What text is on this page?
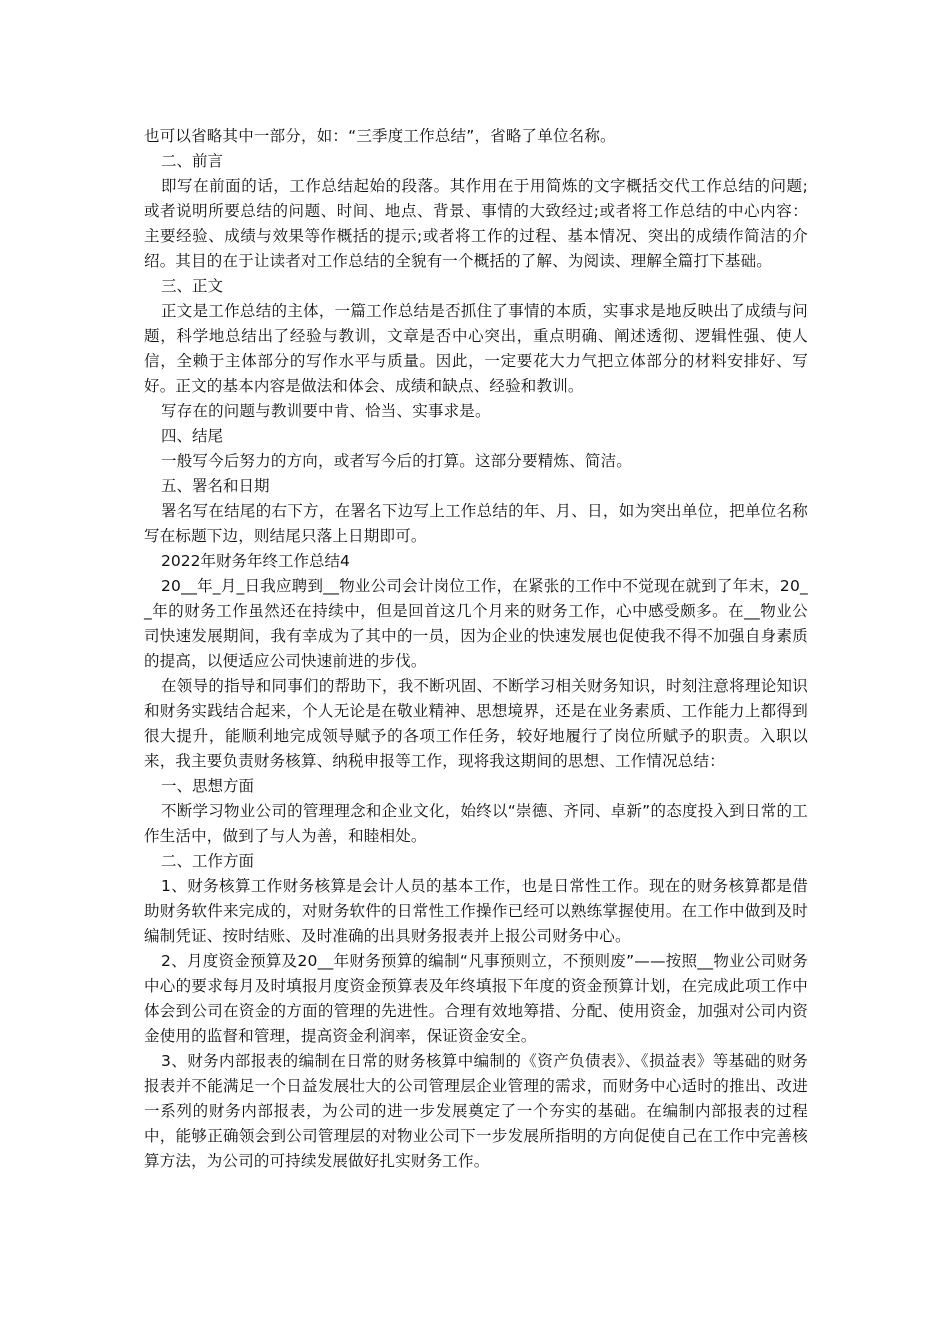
也可以省略其中一部分，如：“三季度工作总结”，省略了单位名称。

二、前言

即写在前面的话，工作总结起始的段落。其作用在于用简炼的文字概括交代工作总结的问题;或者说明所要总结的问题、时间、地点、背景、事情的大致经过;或者将工作总结的中心内容：主要经验、成绩与效果等作概括的提示;或者将工作的过程、基本情况、突出的成绩作简洁的介绍。其目的在于让读者对工作总结的全貌有一个概括的了解、为阅读、理解全篇打下基础。

三、正文

正文是工作总结的主体，一篇工作总结是否抓住了事情的本质，实事求是地反映出了成绩与问题，科学地总结出了经验与教训，文章是否中心突出，重点明确、阐述透彻、逻辑性强、使人信，全赖于主体部分的写作水平与质量。因此，一定要花大力气把立体部分的材料安排好、写好。正文的基本内容是做法和体会、成绩和缺点、经验和教训。

写存在的问题与教训要中肯、恰当、实事求是。

四、结尾

一般写今后努力的方向，或者写今后的打算。这部分要精炼、简洁。

五、署名和日期

署名写在结尾的右下方，在署名下边写上工作总结的年、月、日，如为突出单位，把单位名称写在标题下边，则结尾只落上日期即可。

2022年财务年终工作总结4

20__年_月_日我应聘到__物业公司会计岗位工作，在紧张的工作中不觉现在就到了年末，20__年的财务工作虽然还在持续中，但是回首这几个月来的财务工作，心中感受颇多。在__物业公司快速发展期间，我有幸成为了其中的一员，因为企业的快速发展也促使我不得不加强自身素质的提高，以便适应公司快速前进的步伐。

在领导的指导和同事们的帮助下，我不断巩固、不断学习相关财务知识，时刻注意将理论知识和财务实践结合起来，个人无论是在敬业精神、思想境界，还是在业务素质、工作能力上都得到很大提升，能顺利地完成领导赋予的各项工作任务，较好地履行了岗位所赋予的职责。入职以来，我主要负责财务核算、纳税申报等工作，现将我这期间的思想、工作情况总结：

一、思想方面

不断学习物业公司的管理理念和企业文化，始终以“崇德、齐同、卓新”的态度投入到日常的工作生活中，做到了与人为善，和睦相处。

二、工作方面

1、财务核算工作财务核算是会计人员的基本工作，也是日常性工作。现在的财务核算都是借助财务软件来完成的，对财务软件的日常性工作操作已经可以熟练掌握使用。在工作中做到及时编制凭证、按时结账、及时准确的出具财务报表并上报公司财务中心。

2、月度资金预算及20__年财务预算的编制“凡事预则立，不预则废”——按照__物业公司财务中心的要求每月及时填报月度资金预算表及年终填报下年度的资金预算计划，在完成此项工作中体会到公司在资金的方面的管理的先进性。合理有效地筹措、分配、使用资金，加强对公司内资金使用的监督和管理，提高资金利润率，保证资金安全。

3、财务内部报表的编制在日常的财务核算中编制的《资产负债表》、《损益表》等基础的财务报表并不能满足一个日益发展壮大的公司管理层企业管理的需求，而财务中心适时的推出、改进一系列的财务内部报表，为公司的进一步发展奠定了一个夯实的基础。在编制内部报表的过程中，能够正确领会到公司管理层的对物业公司下一步发展所指明的方向促使自己在工作中完善核算方法，为公司的可持续发展做好扎实财务工作。
